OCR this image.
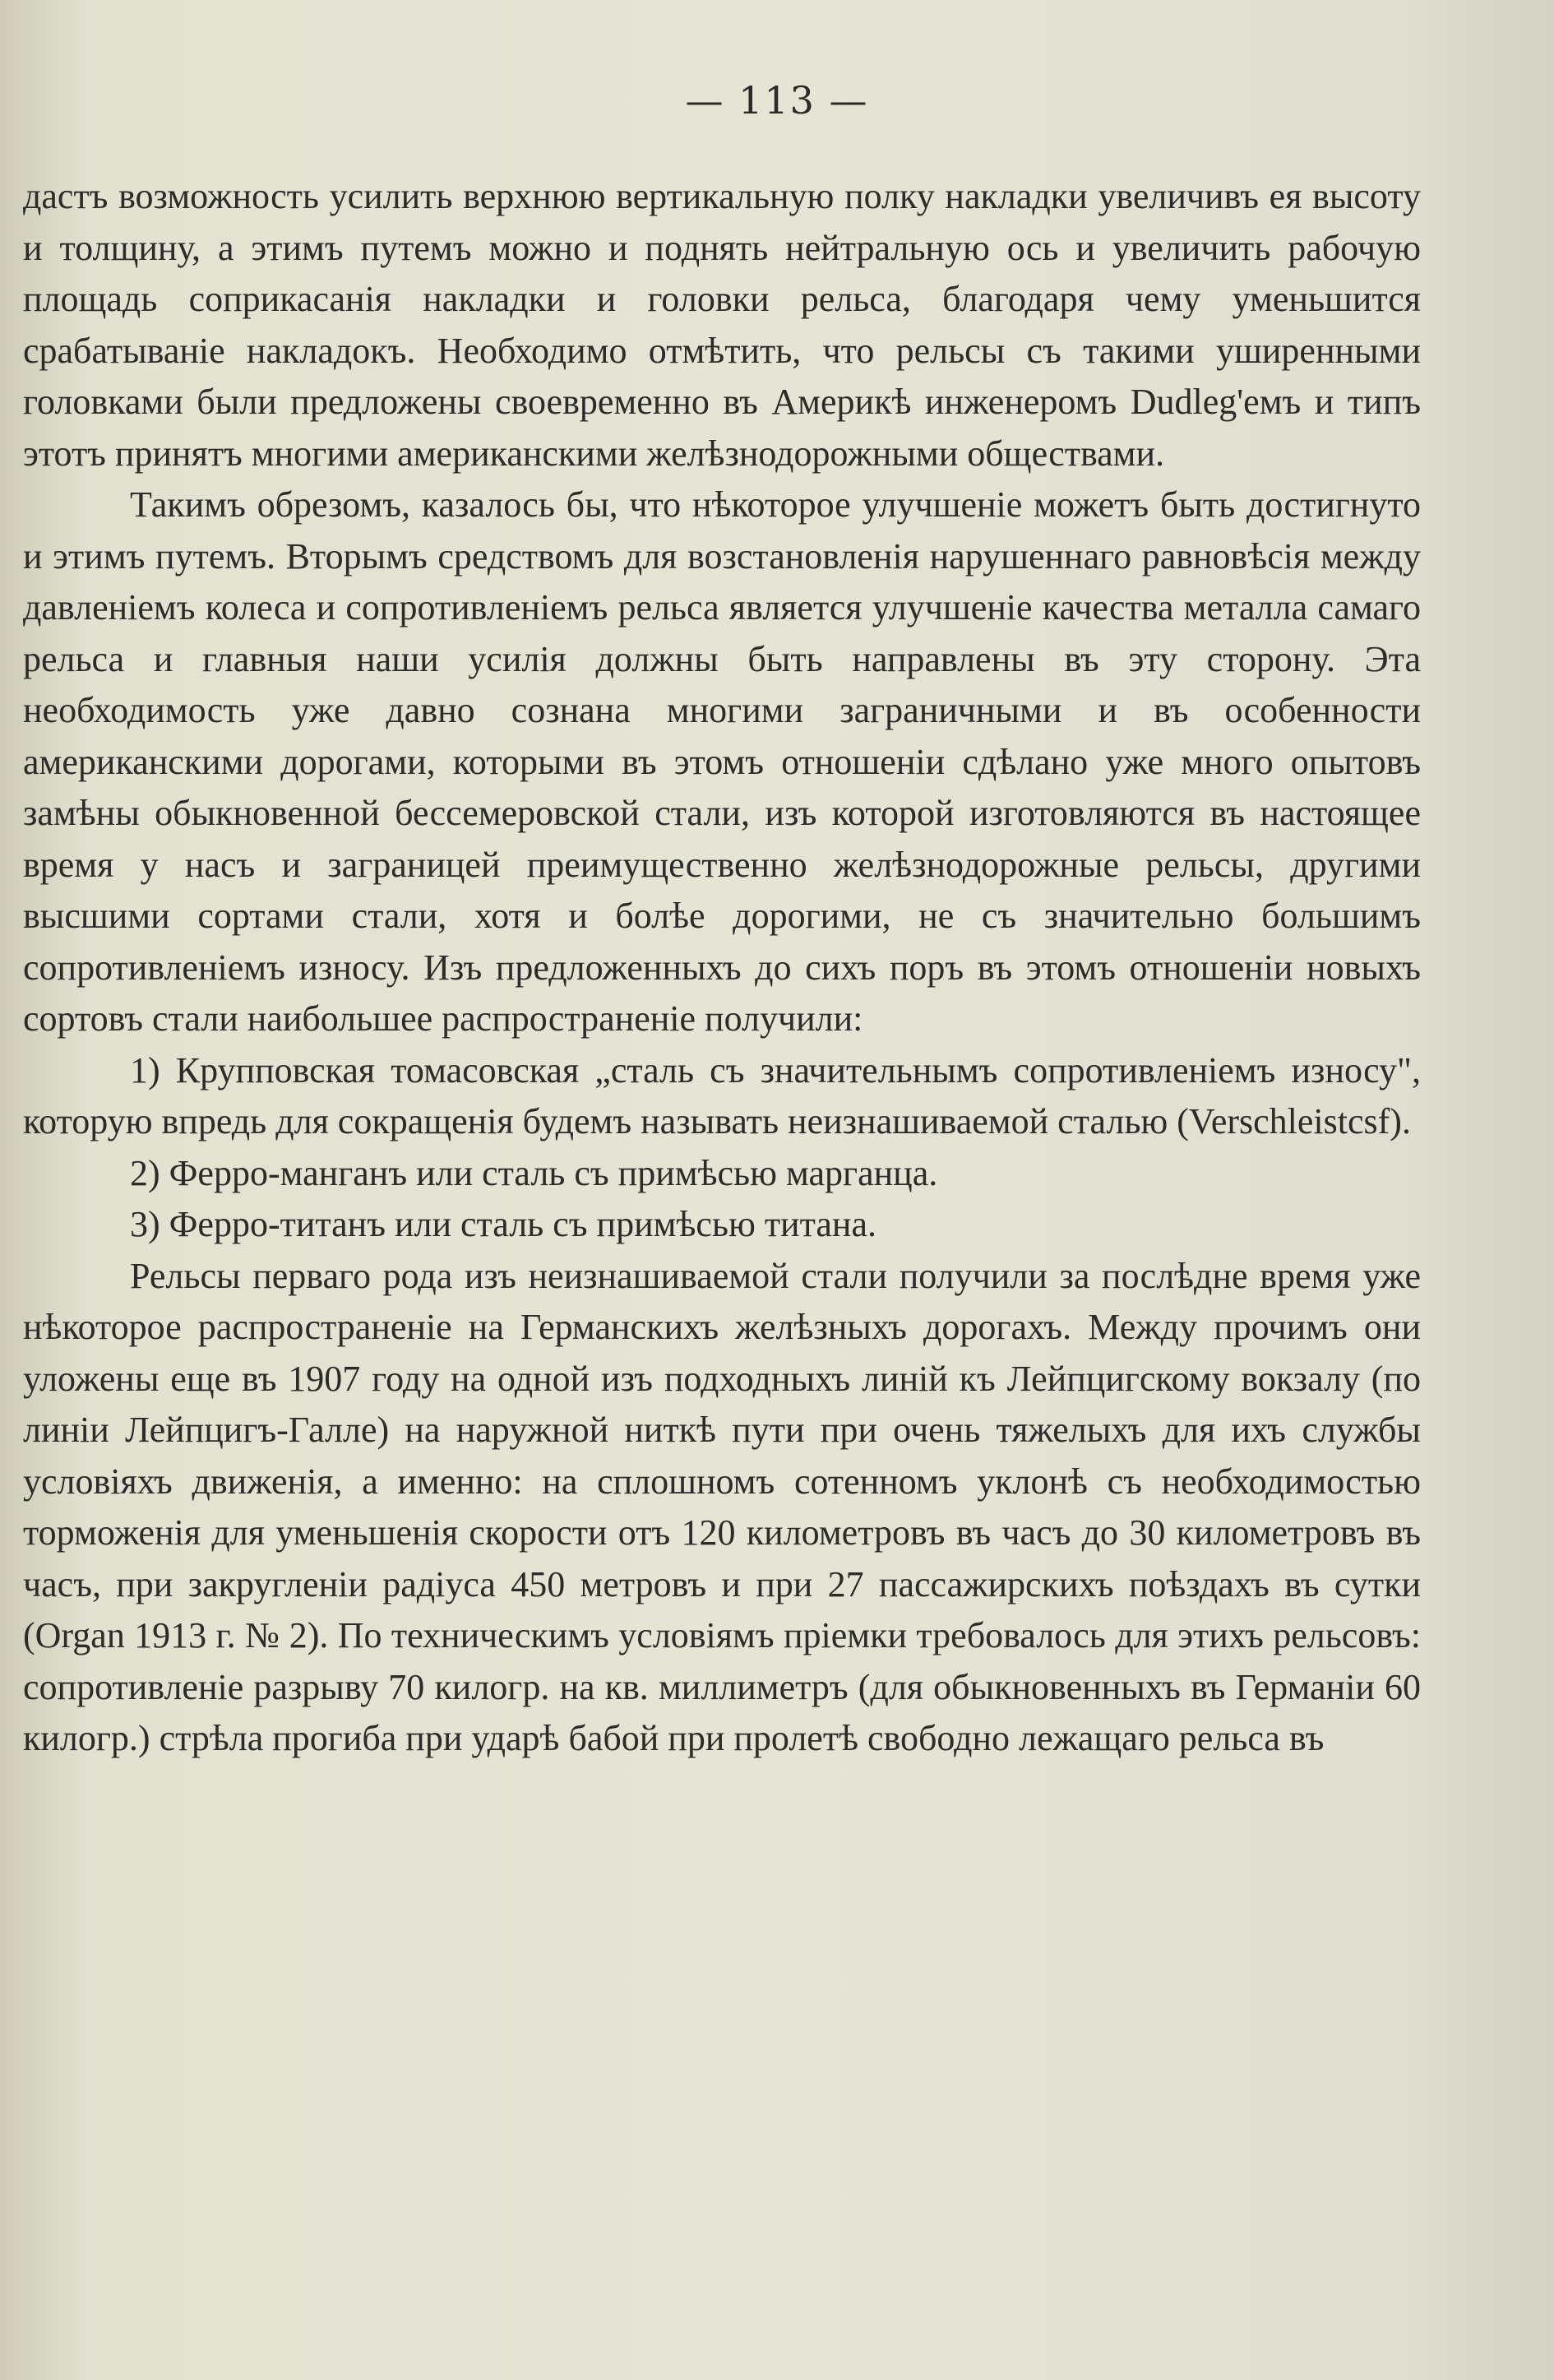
— 113 —

дастъ возможность усилить верхнюю вертикальную полку накладки увеличивъ ея высоту и толщину, а этимъ путемъ можно и поднять нейтральную ось и увеличить рабочую площадь соприкасанія накладки и головки рельса, благодаря чему уменьшится срабатываніе накладокъ. Необходимо отмѣтить, что рельсы съ такими уширенными головками были предложены своевременно въ Америкѣ инженеромъ Dudleg'емъ и типъ этотъ принятъ многими американскими желѣзнодорожными обществами.

Такимъ обрезомъ, казалось бы, что нѣкоторое улучшеніе можетъ быть достигнуто и этимъ путемъ. Вторымъ средствомъ для возстановленія нарушеннаго равновѣсія между давленіемъ колеса и сопротивленіемъ рельса является улучшеніе качества металла самаго рельса и главныя наши усилія должны быть направлены въ эту сторону. Эта необходимость уже давно сознана многими заграничными и въ особенности американскими дорогами, которыми въ этомъ отношеніи сдѣлано уже много опытовъ замѣны обыкновенной бессемеровской стали, изъ которой изготовляются въ настоящее время у насъ и заграницей преимущественно желѣзнодорожные рельсы, другими высшими сортами стали, хотя и болѣе дорогими, не съ значительно большимъ сопротивленіемъ износу. Изъ предложенныхъ до сихъ поръ въ этомъ отношеніи новыхъ сортовъ стали наибольшее распространеніе получили:

1) Крупповская томасовская „сталь съ значительнымъ сопротивленіемъ износу", которую впредь для сокращенія будемъ называть неизнашиваемой сталью (Verschleistcsf).

2) Ферро-манганъ или сталь съ примѣсью марганца.

3) Ферро-титанъ или сталь съ примѣсью титана.

Рельсы перваго рода изъ неизнашиваемой стали получили за послѣдне время уже нѣкоторое распространеніе на Германскихъ желѣзныхъ дорогахъ. Между прочимъ они уложены еще въ 1907 году на одной изъ подходныхъ линій къ Лейпцигскому вокзалу (по линіи Лейпцигъ-Галле) на наружной ниткѣ пути при очень тяжелыхъ для ихъ службы условіяхъ движенія, а именно: на сплошномъ сотенномъ уклонѣ съ необходимостью торможенія для уменьшенія скорости отъ 120 километровъ въ часъ до 30 километровъ въ часъ, при закругленіи радіуса 450 метровъ и при 27 пассажирскихъ поѣздахъ въ сутки (Organ 1913 г. № 2). По техническимъ условіямъ пріемки требовалось для этихъ рельсовъ: сопротивленіе разрыву 70 килогр. на кв. миллиметръ (для обыкновенныхъ въ Германіи 60 килогр.) стрѣла прогиба при ударѣ бабой при пролетѣ свободно лежащаго рельса въ
